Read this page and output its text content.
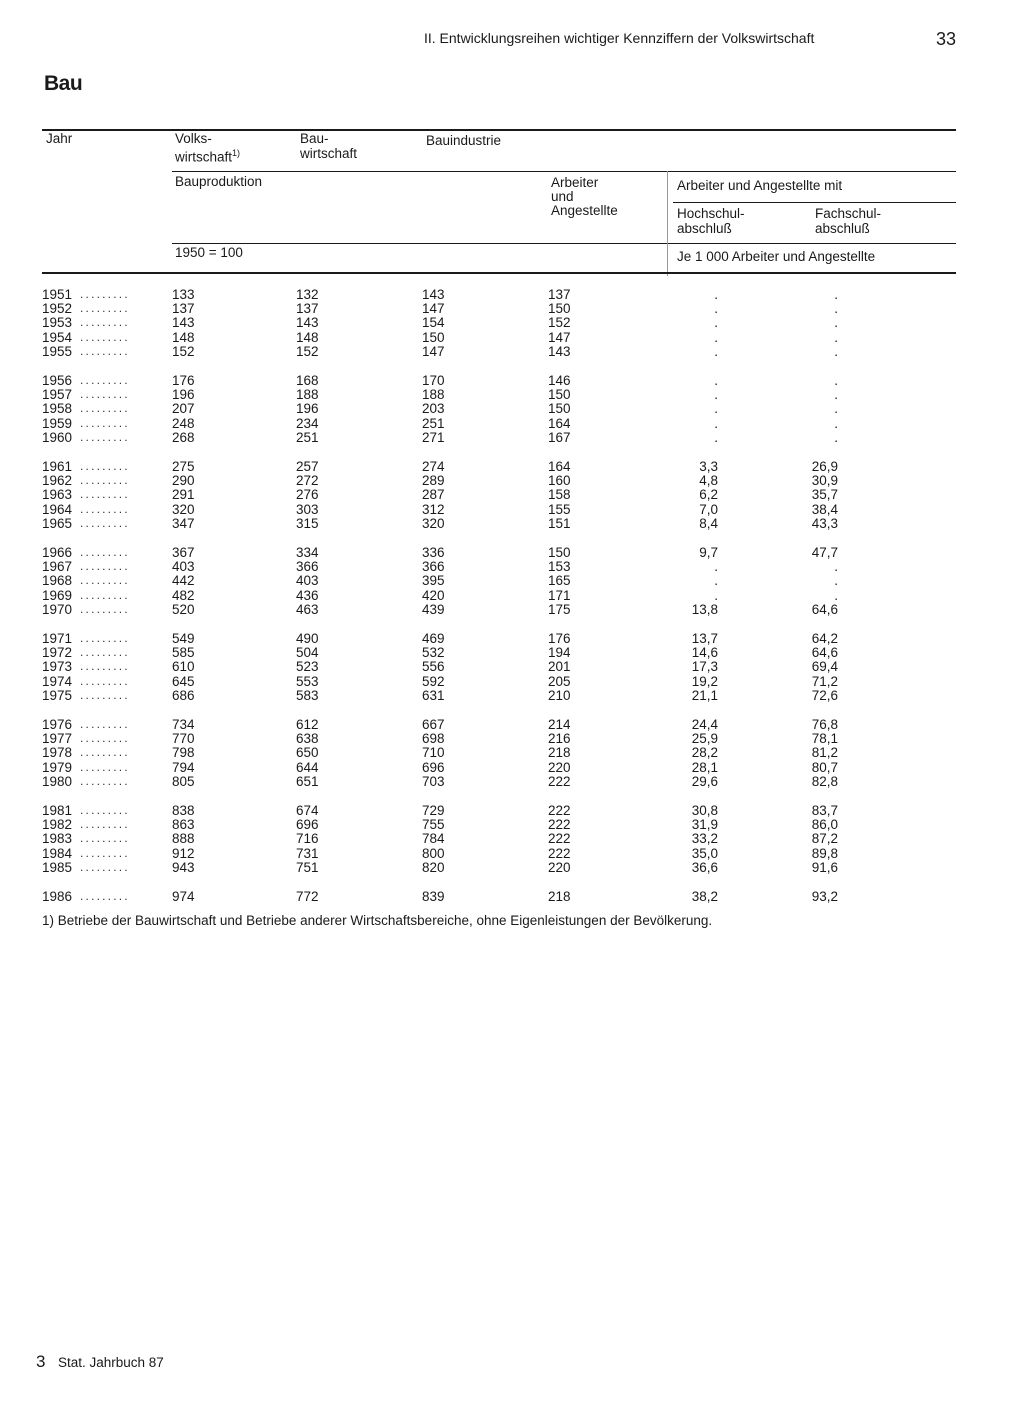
II. Entwicklungsreihen wichtiger Kennziffern der Volkswirtschaft	33
Bau
Jahr	Volks-
wirtschaft$^{1)}$
Bau-
wirtschaft
Bauindustrie
Bauproduktion	Arbeiter
und
Angestellte
Arbeiter und Angestellte mit
Hochschul-
abschluß
Fachschul-
abschluß
1950 = 100	Je 1 000 Arbeiter und Angestellte
1951 .........	133	132	143	137	.	.
1952 .........	137	137	147	150	.	.
1953 .........	143	143	154	152	.	.
1954 .........	148	148	150	147	.	.
1955 .........	152	152	147	143	.	.
1956 .........	176	168	170	146	.	.
1957 .........	196	188	188	150	.	.
1958 .........	207	196	203	150	.	.
1959 .........	248	234	251	164	.	.
1960 .........	268	251	271	167	.	.
1961 .........	275	257	274	164	3,3	26,9
1962 .........	290	272	289	160	4,8	30,9
1963 .........	291	276	287	158	6,2	35,7
1964 .........	320	303	312	155	7,0	38,4
1965 .........	347	315	320	151	8,4	43,3
1966 .........	367	334	336	150	9,7	47,7
1967 .........	403	366	366	153	.	.
1968 .........	442	403	395	165	.	.
1969 .........	482	436	420	171	.	.
1970 .........	520	463	439	175	13,8	64,6
1971 .........	549	490	469	176	13,7	64,2
1972 .........	585	504	532	194	14,6	64,6
1973 .........	610	523	556	201	17,3	69,4
1974 .........	645	553	592	205	19,2	71,2
1975 .........	686	583	631	210	21,1	72,6
1976 .........	734	612	667	214	24,4	76,8
1977 .........	770	638	698	216	25,9	78,1
1978 .........	798	650	710	218	28,2	81,2
1979 .........	794	644	696	220	28,1	80,7
1980 .........	805	651	703	222	29,6	82,8
1981 .........	838	674	729	222	30,8	83,7
1982 .........	863	696	755	222	31,9	86,0
1983 .........	888	716	784	222	33,2	87,2
1984 .........	912	731	800	222	35,0	89,8
1985 .........	943	751	820	220	36,6	91,6
1986 .........	974	772	839	218	38,2	93,2
1) Betriebe der Bauwirtschaft und Betriebe anderer Wirtschaftsbereiche, ohne Eigenleistungen der Bevölkerung.
3 Stat. Jahrbuch 87
